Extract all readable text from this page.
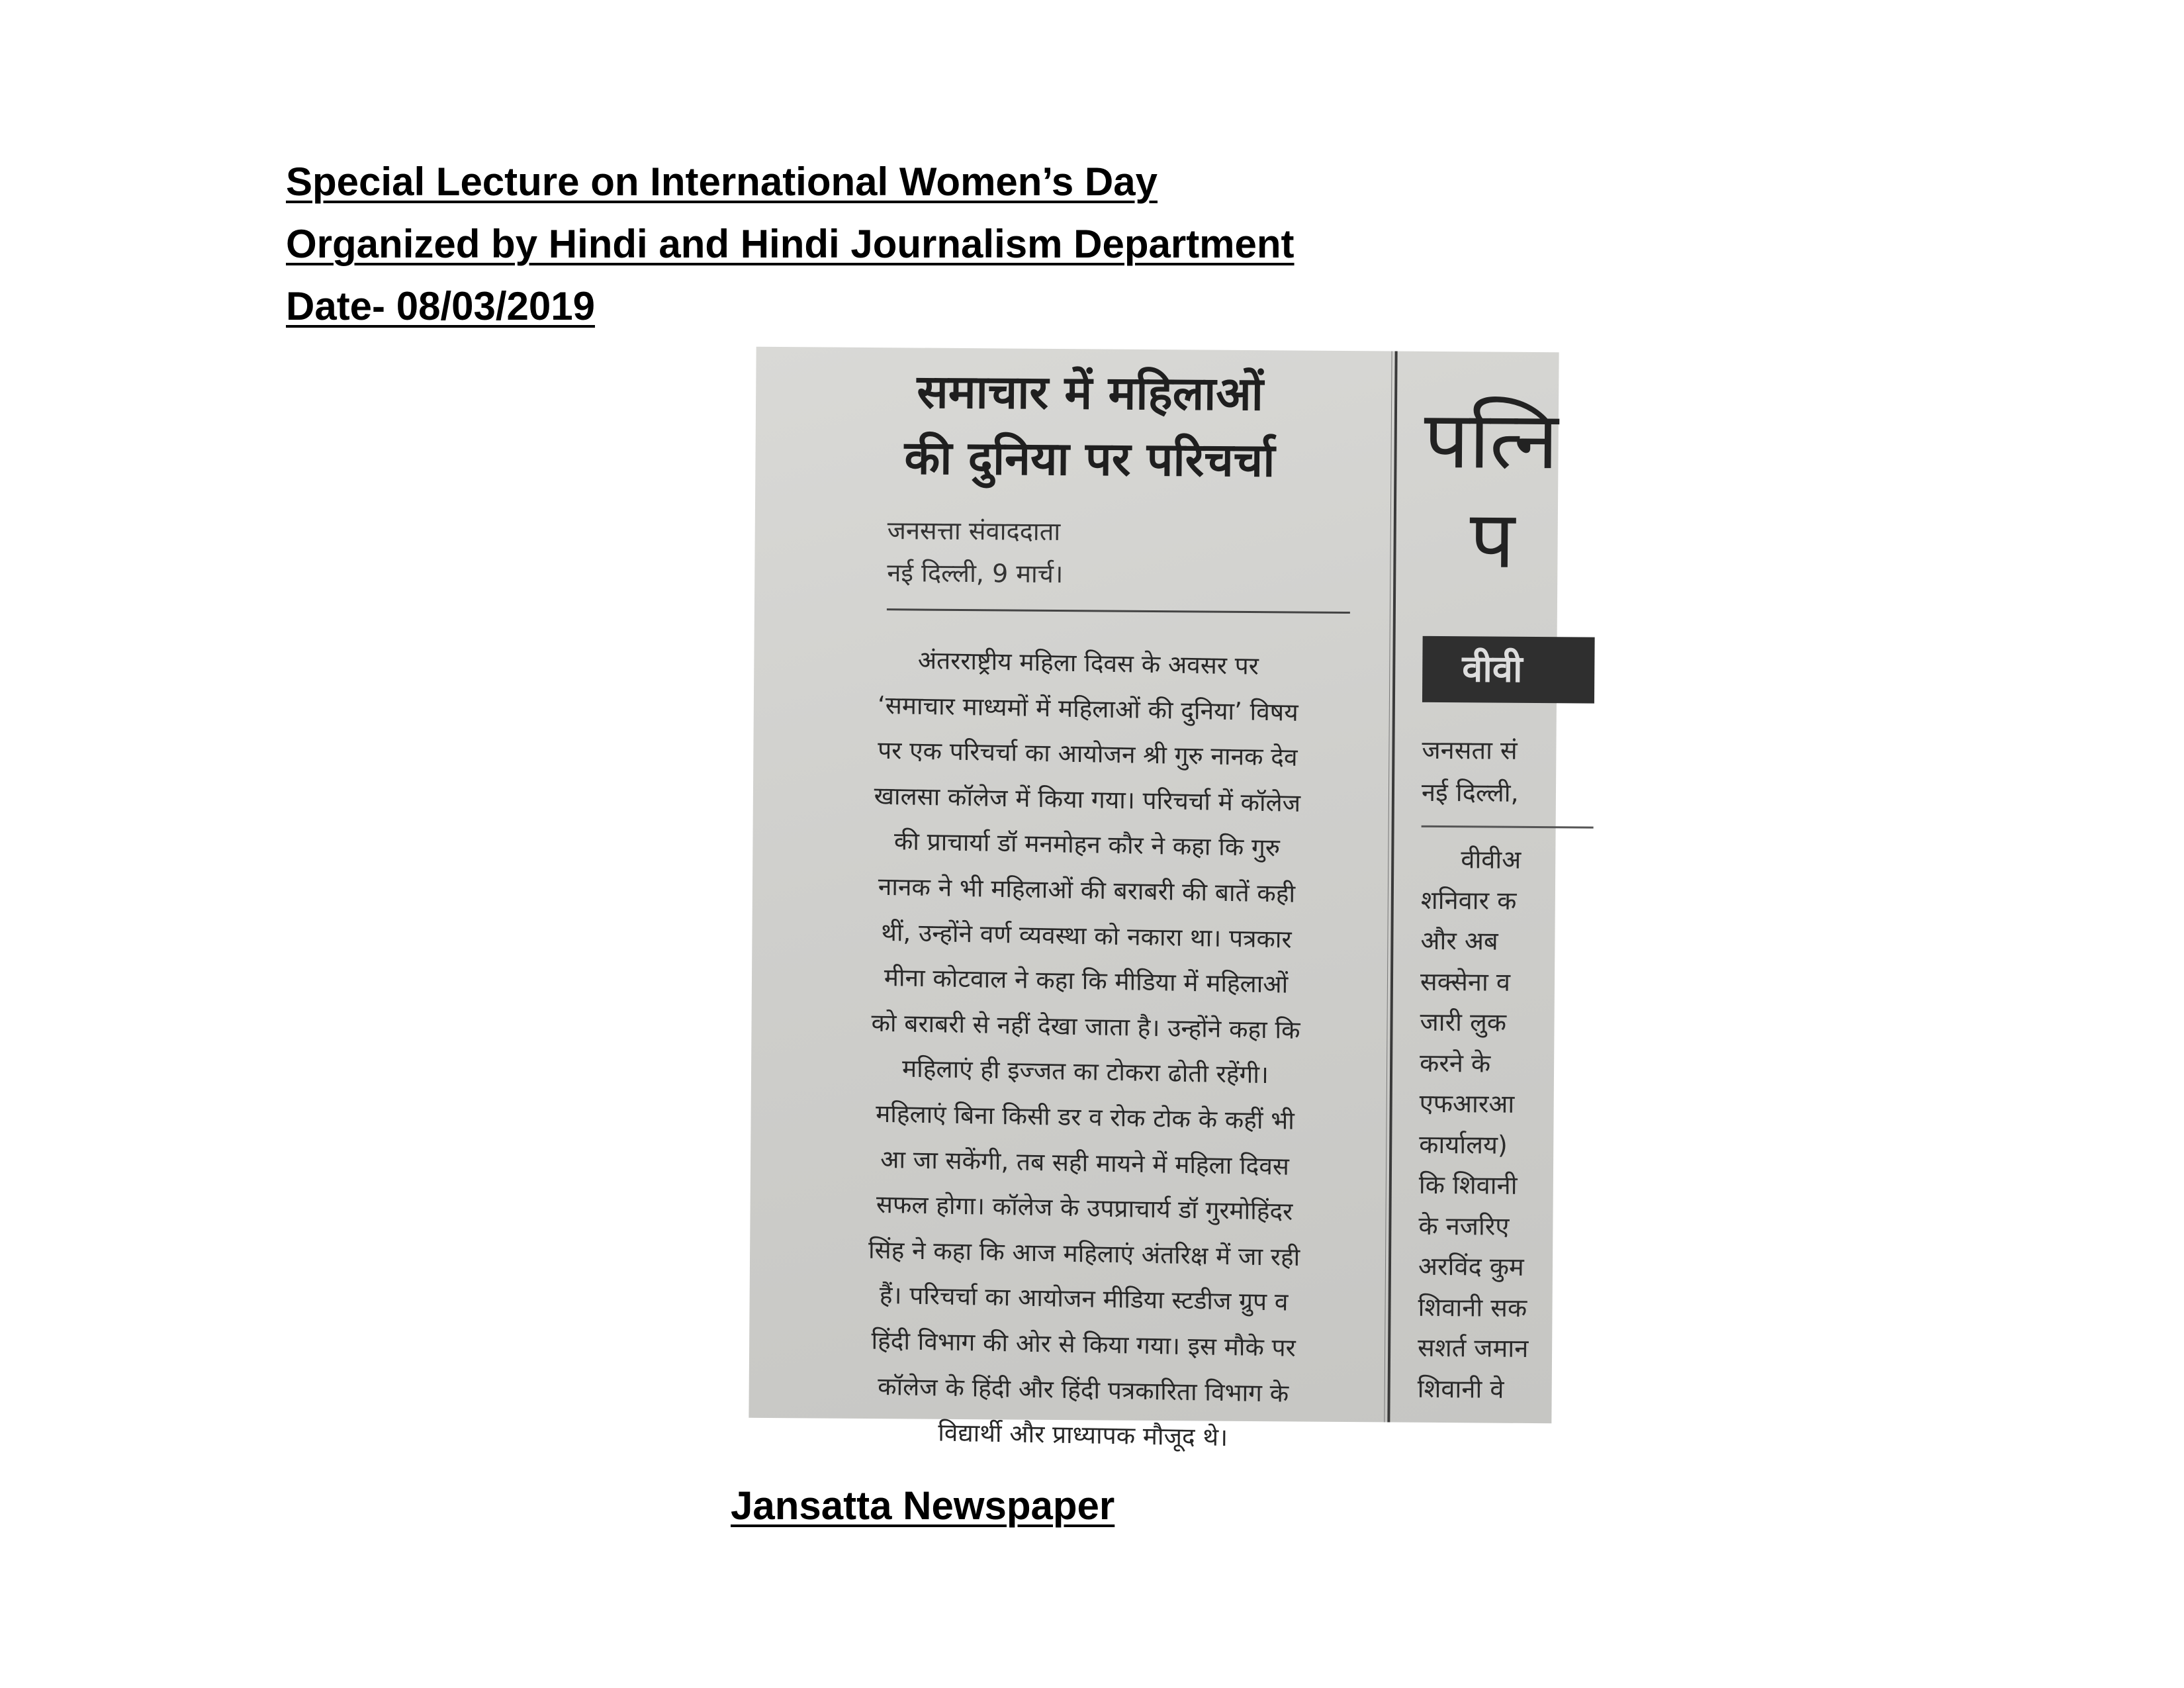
Special Lecture on International Women’s Day
Organized by Hindi and Hindi Journalism Department
Date- 08/03/2019
समाचार में महिलाओं
की दुनिया पर परिचर्चा
जनसत्ता संवाददाता
नई दिल्ली, 9 मार्च।
अंतरराष्ट्रीय महिला दिवस के अवसर पर
‘समाचार माध्यमों में महिलाओं की दुनिया’ विषय
पर एक परिचर्चा का आयोजन श्री गुरु नानक देव
खालसा कॉलेज में किया गया। परिचर्चा में कॉलेज
की प्राचार्या डॉ मनमोहन कौर ने कहा कि गुरु
नानक ने भी महिलाओं की बराबरी की बातें कही
थीं, उन्होंने वर्ण व्यवस्था को नकारा था। पत्रकार
मीना कोटवाल ने कहा कि मीडिया में महिलाओं
को बराबरी से नहीं देखा जाता है। उन्होंने कहा कि
महिलाएं ही इज्जत का टोकरा ढोती रहेंगी।
महिलाएं बिना किसी डर व रोक टोक के कहीं भी
आ जा सकेंगी, तब सही मायने में महिला दिवस
सफल होगा। कॉलेज के उपप्राचार्य डॉ गुरमोहिंदर
सिंह ने कहा कि आज महिलाएं अंतरिक्ष में जा रही
हैं। परिचर्चा का आयोजन मीडिया स्टडीज ग्रुप व
हिंदी विभाग की ओर से किया गया। इस मौके पर
कॉलेज के हिंदी और हिंदी पत्रकारिता विभाग के
विद्यार्थी और प्राध्यापक मौजूद थे।
पत्नि
प
वीवी
जनसता सं
नई दिल्ली,
वीवीअ
शनिवार क
और अब
सक्सेना व
जारी लुक
करने के
एफआरआ
कार्यालय)
कि शिवानी
के नजरिए
अरविंद कुम
शिवानी सक
सशर्त जमान
शिवानी वे
Jansatta Newspaper
